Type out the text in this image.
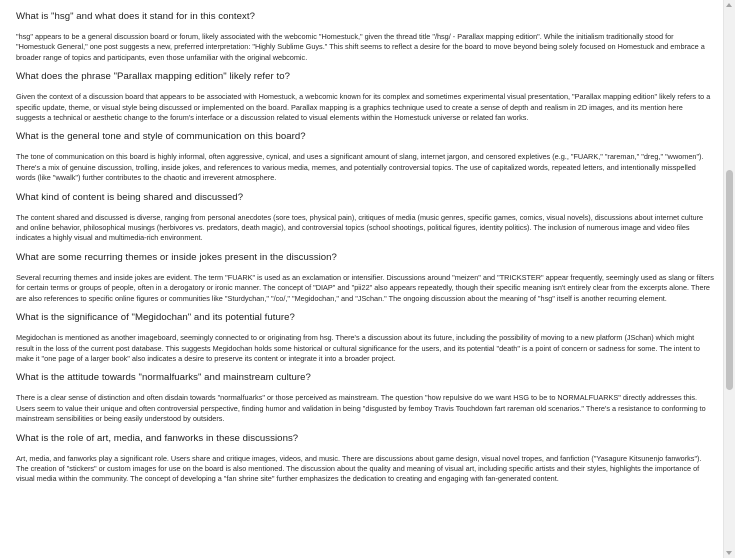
What is "hsg" and what does it stand for in this context?

"hsg" appears to be a general discussion board or forum, likely associated with the webcomic "Homestuck," given the thread title "/hsg/ - Parallax mapping edition". While the initialism traditionally stood for "Homestuck General," one post suggests a new, preferred interpretation: "Highly Sublime Guys." This shift seems to reflect a desire for the board to move beyond being solely focused on Homestuck and embrace a broader range of topics and participants, even those unfamiliar with the original webcomic.

What does the phrase "Parallax mapping edition" likely refer to?

Given the context of a discussion board that appears to be associated with Homestuck, a webcomic known for its complex and sometimes experimental visual presentation, "Parallax mapping edition" likely refers to a specific update, theme, or visual style being discussed or implemented on the board. Parallax mapping is a graphics technique used to create a sense of depth and realism in 2D images, and its mention here suggests a technical or aesthetic change to the forum's interface or a discussion related to visual elements within the Homestuck universe or related fan works.

What is the general tone and style of communication on this board?

The tone of communication on this board is highly informal, often aggressive, cynical, and uses a significant amount of slang, internet jargon, and censored expletives (e.g., "FUARK," "rareman," "dreg," "wwomen"). There's a mix of genuine discussion, trolling, inside jokes, and references to various media, memes, and potentially controversial topics. The use of capitalized words, repeated letters, and intentionally misspelled words (like "wwalk") further contributes to the chaotic and irreverent atmosphere.

What kind of content is being shared and discussed?

The content shared and discussed is diverse, ranging from personal anecdotes (sore toes, physical pain), critiques of media (music genres, specific games, comics, visual novels), discussions about internet culture and online behavior, philosophical musings (herbivores vs. predators, death magic), and controversial topics (school shootings, political figures, identity politics). The inclusion of numerous image and video files indicates a highly visual and multimedia-rich environment.

What are some recurring themes or inside jokes present in the discussion?

Several recurring themes and inside jokes are evident. The term "FUARK" is used as an exclamation or intensifier. Discussions around "meizen" and "TRICKSTER" appear frequently, seemingly used as slang or filters for certain terms or groups of people, often in a derogatory or ironic manner. The concept of "DIAP" and "pii22" also appears repeatedly, though their specific meaning isn't entirely clear from the excerpts alone. There are also references to specific online figures or communities like "Sturdychan," "/co/," "Megidochan," and "JSchan." The ongoing discussion about the meaning of "hsg" itself is another recurring element.

What is the significance of "Megidochan" and its potential future?

Megidochan is mentioned as another imageboard, seemingly connected to or originating from hsg. There's a discussion about its future, including the possibility of moving to a new platform (JSchan) which might result in the loss of the current post database. This suggests Megidochan holds some historical or cultural significance for the users, and its potential "death" is a point of concern or sadness for some. The intent to make it "one page of a larger book" also indicates a desire to preserve its content or integrate it into a broader project.

What is the attitude towards "normalfuarks" and mainstream culture?

There is a clear sense of distinction and often disdain towards "normalfuarks" or those perceived as mainstream. The question "how repulsive do we want HSG to be to NORMALFUARKS" directly addresses this. Users seem to value their unique and often controversial perspective, finding humor and validation in being "disgusted by femboy Travis Touchdown fart rareman old scenarios." There's a resistance to conforming to mainstream sensibilities or being easily understood by outsiders.

What is the role of art, media, and fanworks in these discussions?

Art, media, and fanworks play a significant role. Users share and critique images, videos, and music. There are discussions about game design, visual novel tropes, and fanfiction ("Yasagure Kitsunenjo fanworks"). The creation of "stickers" or custom images for use on the board is also mentioned. The discussion about the quality and meaning of visual art, including specific artists and their styles, highlights the importance of visual media within the community. The concept of developing a "fan shrine site" further emphasizes the dedication to creating and engaging with fan-generated content.
